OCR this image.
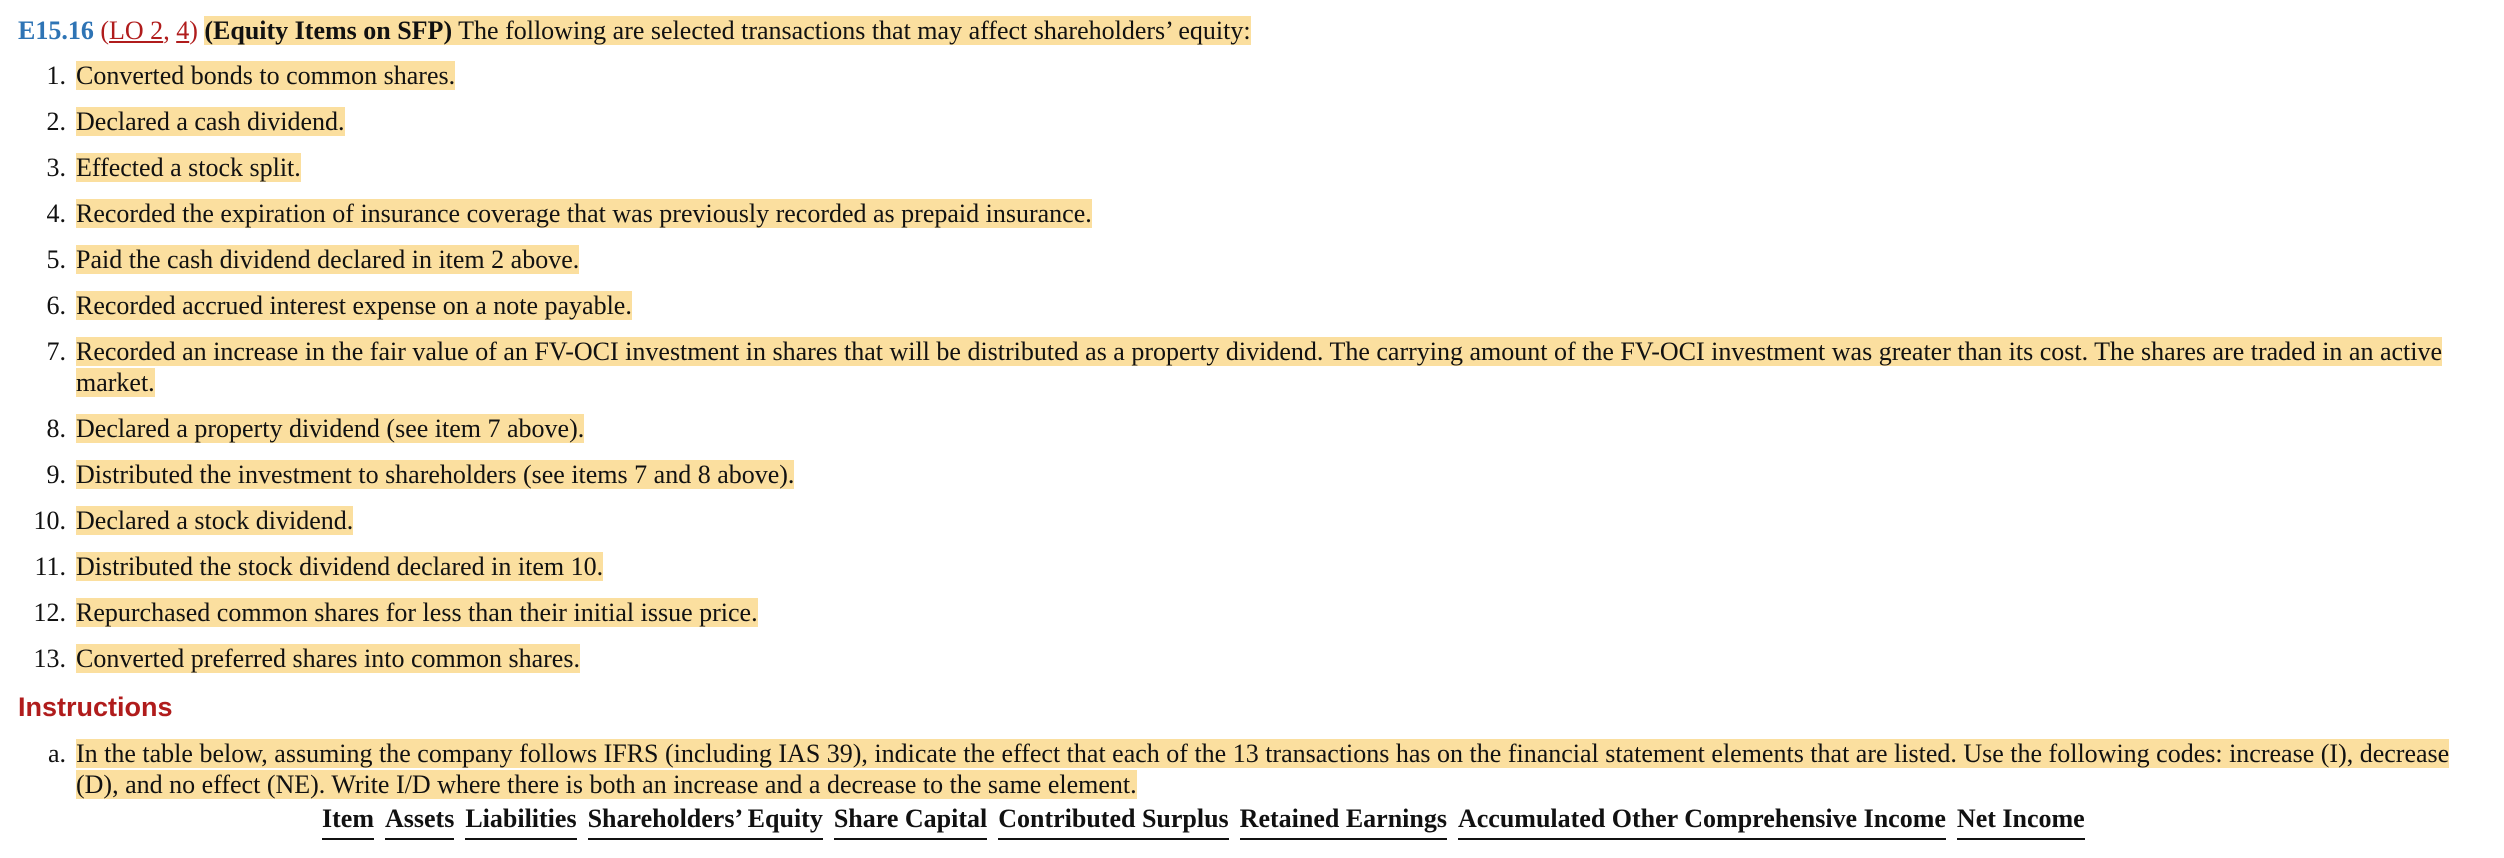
E15.16 (LO 2, 4) (Equity Items on SFP) The following are selected transactions that may affect shareholders’ equity:
1. Converted bonds to common shares.
2. Declared a cash dividend.
3. Effected a stock split.
4. Recorded the expiration of insurance coverage that was previously recorded as prepaid insurance.
5. Paid the cash dividend declared in item 2 above.
6. Recorded accrued interest expense on a note payable.
7. Recorded an increase in the fair value of an FV-OCI investment in shares that will be distributed as a property dividend. The carrying amount of the FV-OCI investment was greater than its cost. The shares are traded in an active market.
8. Declared a property dividend (see item 7 above).
9. Distributed the investment to shareholders (see items 7 and 8 above).
10. Declared a stock dividend.
11. Distributed the stock dividend declared in item 10.
12. Repurchased common shares for less than their initial issue price.
13. Converted preferred shares into common shares.
Instructions
a. In the table below, assuming the company follows IFRS (including IAS 39), indicate the effect that each of the 13 transactions has on the financial statement elements that are listed. Use the following codes: increase (I), decrease (D), and no effect (NE). Write I/D where there is both an increase and a decrease to the same element.
Item Assets Liabilities Shareholders’ Equity Share Capital Contributed Surplus Retained Earnings Accumulated Other Comprehensive Income Net Income
